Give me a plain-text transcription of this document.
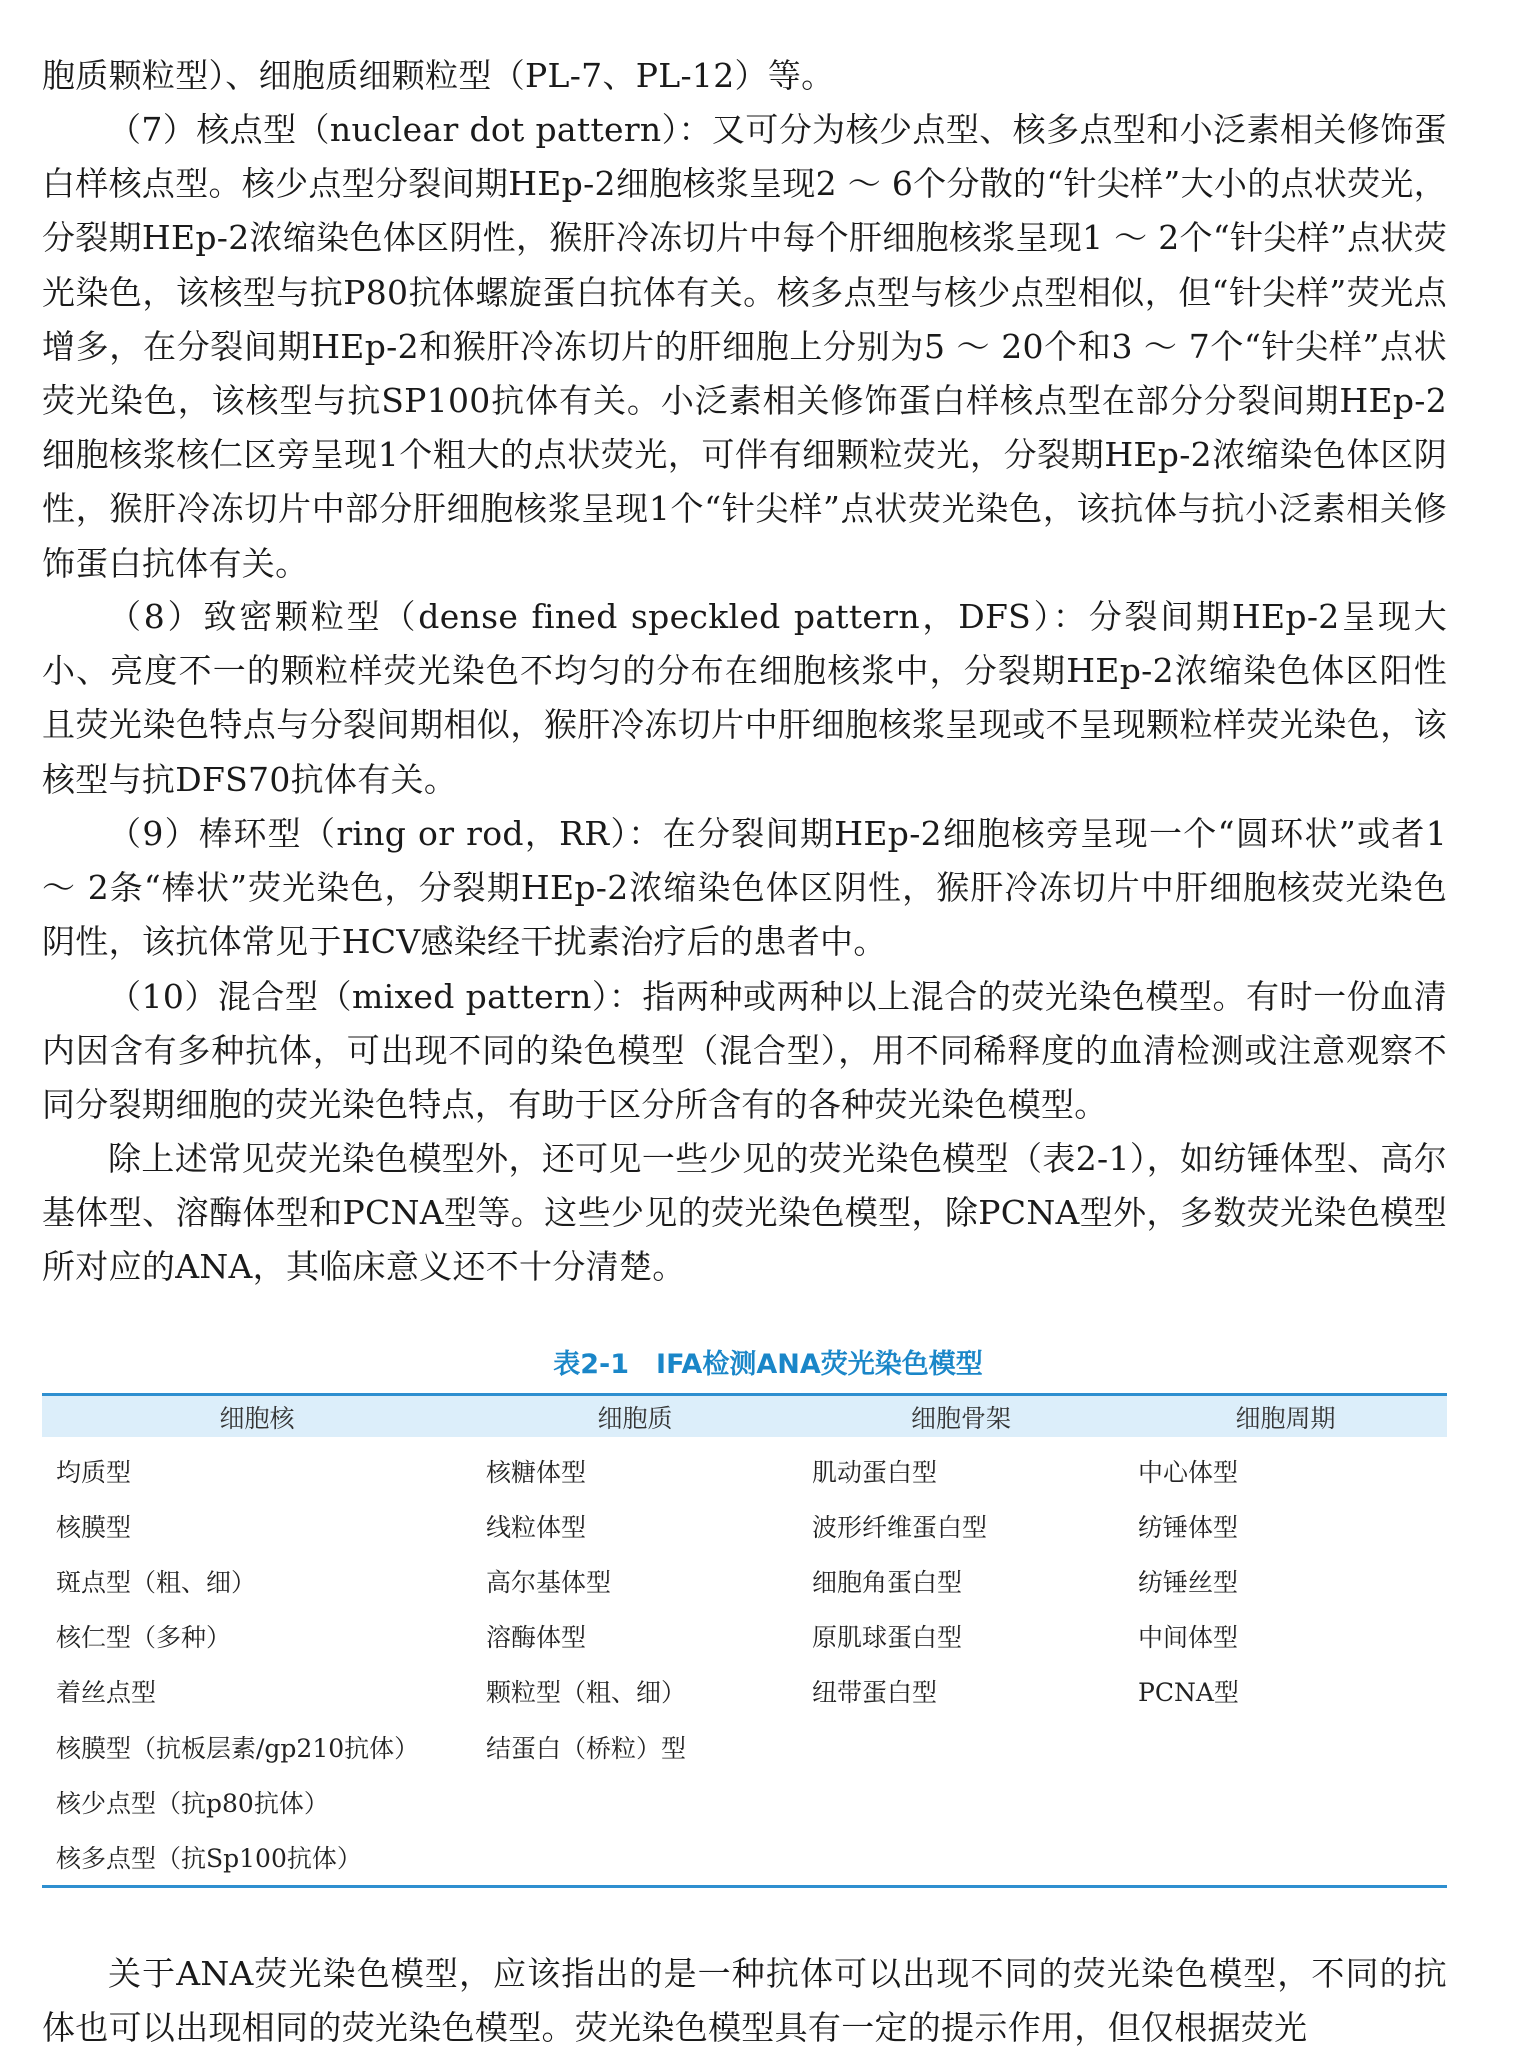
胞质颗粒型）、细胞质细颗粒型（PL-7、PL-12）等。

（7）核点型（nuclear dot pattern）：又可分为核少点型、核多点型和小泛素相关修饰蛋白样核点型。核少点型分裂间期HEp-2细胞核浆呈现2 ～ 6个分散的“针尖样”大小的点状荧光，分裂期HEp-2浓缩染色体区阴性，猴肝冷冻切片中每个肝细胞核浆呈现1 ～ 2个“针尖样”点状荧光染色，该核型与抗P80抗体螺旋蛋白抗体有关。核多点型与核少点型相似，但“针尖样”荧光点增多，在分裂间期HEp-2和猴肝冷冻切片的肝细胞上分别为5 ～ 20个和3 ～ 7个“针尖样”点状荧光染色，该核型与抗SP100抗体有关。小泛素相关修饰蛋白样核点型在部分分裂间期HEp-2细胞核浆核仁区旁呈现1个粗大的点状荧光，可伴有细颗粒荧光，分裂期HEp-2浓缩染色体区阴性，猴肝冷冻切片中部分肝细胞核浆呈现1个“针尖样”点状荧光染色，该抗体与抗小泛素相关修饰蛋白抗体有关。

（8）致密颗粒型（dense fined speckled pattern，DFS）：分裂间期HEp-2呈现大小、亮度不一的颗粒样荧光染色不均匀的分布在细胞核浆中，分裂期HEp-2浓缩染色体区阳性且荧光染色特点与分裂间期相似，猴肝冷冻切片中肝细胞核浆呈现或不呈现颗粒样荧光染色，该核型与抗DFS70抗体有关。

（9）棒环型（ring or rod，RR）：在分裂间期HEp-2细胞核旁呈现一个“圆环状”或者1 ～ 2条“棒状”荧光染色，分裂期HEp-2浓缩染色体区阴性，猴肝冷冻切片中肝细胞核荧光染色阴性，该抗体常见于HCV感染经干扰素治疗后的患者中。

（10）混合型（mixed pattern）：指两种或两种以上混合的荧光染色模型。有时一份血清内因含有多种抗体，可出现不同的染色模型（混合型），用不同稀释度的血清检测或注意观察不同分裂期细胞的荧光染色特点，有助于区分所含有的各种荧光染色模型。

除上述常见荧光染色模型外，还可见一些少见的荧光染色模型（表2-1），如纺锤体型、高尔基体型、溶酶体型和PCNA型等。这些少见的荧光染色模型，除PCNA型外，多数荧光染色模型所对应的ANA，其临床意义还不十分清楚。

表2-1　IFA检测ANA荧光染色模型

细胞核	细胞质	细胞骨架	细胞周期
均质型	核糖体型	肌动蛋白型	中心体型
核膜型	线粒体型	波形纤维蛋白型	纺锤体型
斑点型（粗、细）	高尔基体型	细胞角蛋白型	纺锤丝型
核仁型（多种）	溶酶体型	原肌球蛋白型	中间体型
着丝点型	颗粒型（粗、细）	纽带蛋白型	PCNA型
核膜型（抗板层素/gp210抗体）	结蛋白（桥粒）型		
核少点型（抗p80抗体）			
核多点型（抗Sp100抗体）			

关于ANA荧光染色模型，应该指出的是一种抗体可以出现不同的荧光染色模型，不同的抗体也可以出现相同的荧光染色模型。荧光染色模型具有一定的提示作用，但仅根据荧光
